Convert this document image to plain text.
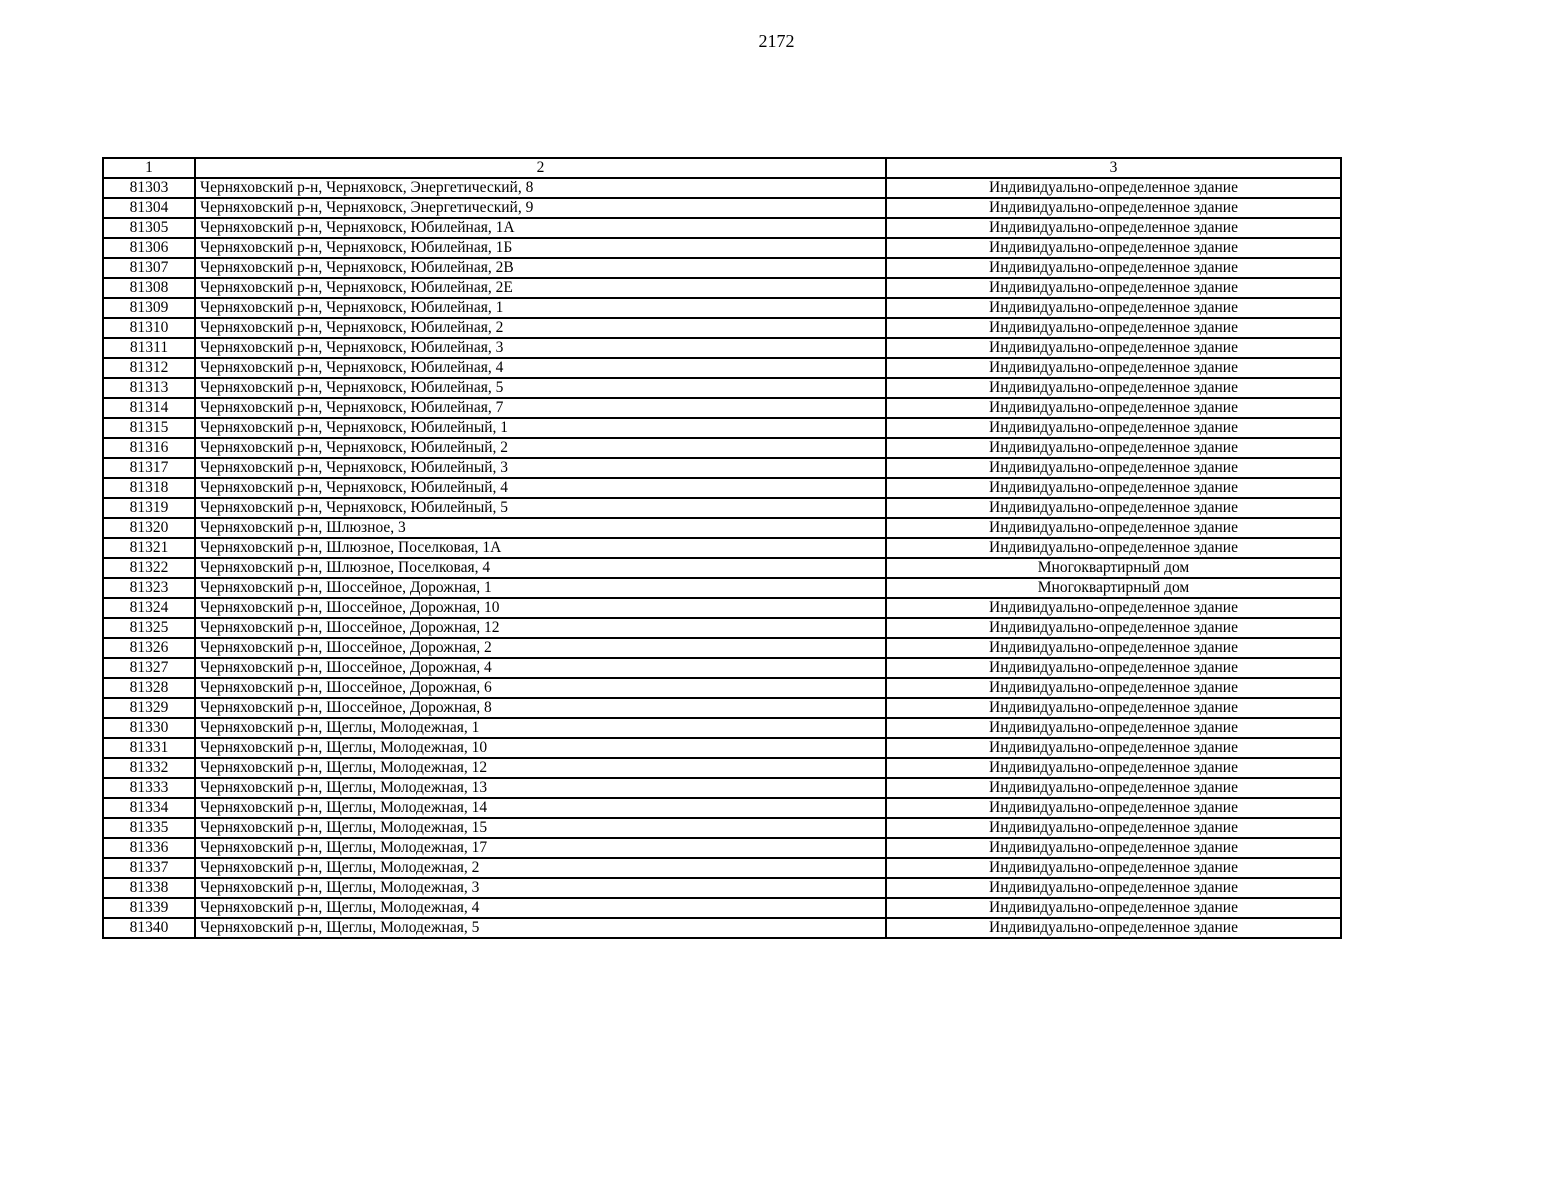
2172
1	2	3
81303	Черняховский р-н, Черняховск, Энергетический, 8	Индивидуально-определенное здание
81304	Черняховский р-н, Черняховск, Энергетический, 9	Индивидуально-определенное здание
81305	Черняховский р-н, Черняховск, Юбилейная, 1А	Индивидуально-определенное здание
81306	Черняховский р-н, Черняховск, Юбилейная, 1Б	Индивидуально-определенное здание
81307	Черняховский р-н, Черняховск, Юбилейная, 2В	Индивидуально-определенное здание
81308	Черняховский р-н, Черняховск, Юбилейная, 2Е	Индивидуально-определенное здание
81309	Черняховский р-н, Черняховск, Юбилейная, 1	Индивидуально-определенное здание
81310	Черняховский р-н, Черняховск, Юбилейная, 2	Индивидуально-определенное здание
81311	Черняховский р-н, Черняховск, Юбилейная, 3	Индивидуально-определенное здание
81312	Черняховский р-н, Черняховск, Юбилейная, 4	Индивидуально-определенное здание
81313	Черняховский р-н, Черняховск, Юбилейная, 5	Индивидуально-определенное здание
81314	Черняховский р-н, Черняховск, Юбилейная, 7	Индивидуально-определенное здание
81315	Черняховский р-н, Черняховск, Юбилейный, 1	Индивидуально-определенное здание
81316	Черняховский р-н, Черняховск, Юбилейный, 2	Индивидуально-определенное здание
81317	Черняховский р-н, Черняховск, Юбилейный, 3	Индивидуально-определенное здание
81318	Черняховский р-н, Черняховск, Юбилейный, 4	Индивидуально-определенное здание
81319	Черняховский р-н, Черняховск, Юбилейный, 5	Индивидуально-определенное здание
81320	Черняховский р-н, Шлюзное, 3	Индивидуально-определенное здание
81321	Черняховский р-н, Шлюзное, Поселковая, 1А	Индивидуально-определенное здание
81322	Черняховский р-н, Шлюзное, Поселковая, 4	Многоквартирный дом
81323	Черняховский р-н, Шоссейное, Дорожная, 1	Многоквартирный дом
81324	Черняховский р-н, Шоссейное, Дорожная, 10	Индивидуально-определенное здание
81325	Черняховский р-н, Шоссейное, Дорожная, 12	Индивидуально-определенное здание
81326	Черняховский р-н, Шоссейное, Дорожная, 2	Индивидуально-определенное здание
81327	Черняховский р-н, Шоссейное, Дорожная, 4	Индивидуально-определенное здание
81328	Черняховский р-н, Шоссейное, Дорожная, 6	Индивидуально-определенное здание
81329	Черняховский р-н, Шоссейное, Дорожная, 8	Индивидуально-определенное здание
81330	Черняховский р-н, Щеглы, Молодежная, 1	Индивидуально-определенное здание
81331	Черняховский р-н, Щеглы, Молодежная, 10	Индивидуально-определенное здание
81332	Черняховский р-н, Щеглы, Молодежная, 12	Индивидуально-определенное здание
81333	Черняховский р-н, Щеглы, Молодежная, 13	Индивидуально-определенное здание
81334	Черняховский р-н, Щеглы, Молодежная, 14	Индивидуально-определенное здание
81335	Черняховский р-н, Щеглы, Молодежная, 15	Индивидуально-определенное здание
81336	Черняховский р-н, Щеглы, Молодежная, 17	Индивидуально-определенное здание
81337	Черняховский р-н, Щеглы, Молодежная, 2	Индивидуально-определенное здание
81338	Черняховский р-н, Щеглы, Молодежная, 3	Индивидуально-определенное здание
81339	Черняховский р-н, Щеглы, Молодежная, 4	Индивидуально-определенное здание
81340	Черняховский р-н, Щеглы, Молодежная, 5	Индивидуально-определенное здание
